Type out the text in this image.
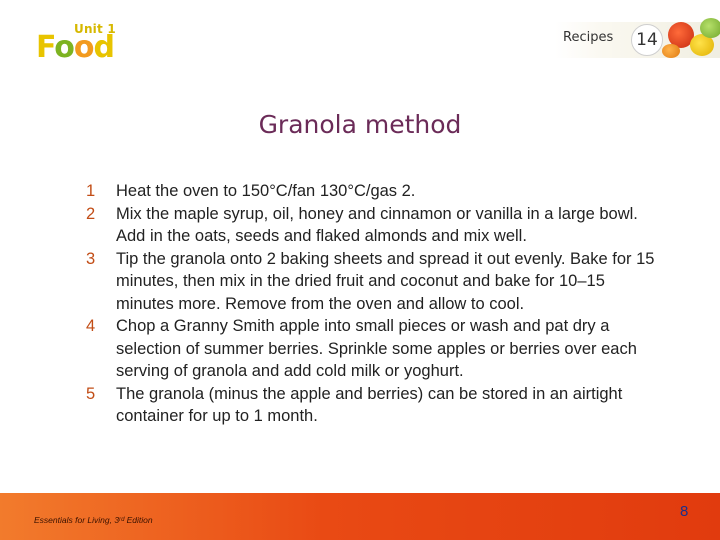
Unit 1
Food	Recipes	14
Granola method
1 Heat the oven to 150°C/fan 130°C/gas 2.
2 Mix the maple syrup, oil, honey and cinnamon or vanilla in a large bowl. Add in the oats, seeds and flaked almonds and mix well.
3 Tip the granola onto 2 baking sheets and spread it out evenly. Bake for 15 minutes, then mix in the dried fruit and coconut and bake for 10–15 minutes more. Remove from the oven and allow to cool.
4 Chop a Granny Smith apple into small pieces or wash and pat dry a selection of summer berries. Sprinkle some apples or berries over each serving of granola and add cold milk or yoghurt.
5 The granola (minus the apple and berries) can be stored in an airtight container for up to 1 month.
Essentials for Living, 3ʳᵈ Edition	8
